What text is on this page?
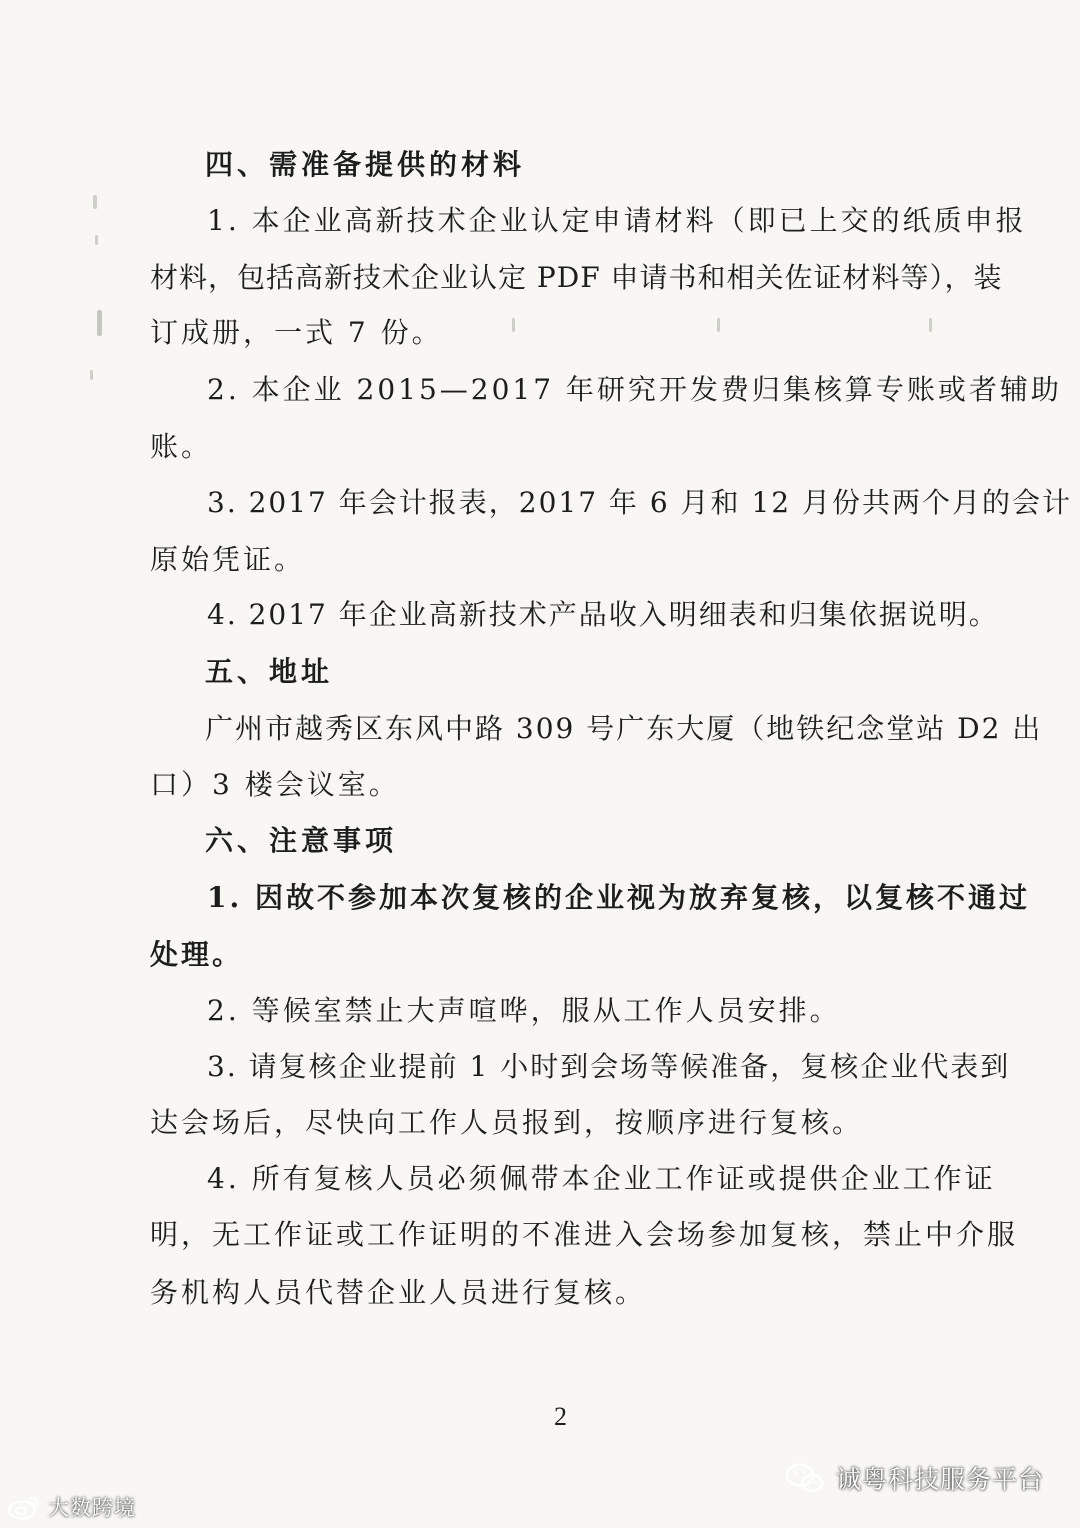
四、需准备提供的材料
1. 本企业高新技术企业认定申请材料（即已上交的纸质申报
材料，包括高新技术企业认定 PDF 申请书和相关佐证材料等），装
订成册，一式 7 份。
2. 本企业 2015—2017 年研究开发费归集核算专账或者辅助
账。
3. 2017 年会计报表，2017 年 6 月和 12 月份共两个月的会计
原始凭证。
4. 2017 年企业高新技术产品收入明细表和归集依据说明。
五、地址
广州市越秀区东风中路 309 号广东大厦（地铁纪念堂站 D2 出
口）3 楼会议室。
六、注意事项
1. 因故不参加本次复核的企业视为放弃复核，以复核不通过
处理。
2. 等候室禁止大声喧哗，服从工作人员安排。
3. 请复核企业提前 1 小时到会场等候准备，复核企业代表到
达会场后，尽快向工作人员报到，按顺序进行复核。
4. 所有复核人员必须佩带本企业工作证或提供企业工作证
明，无工作证或工作证明的不准进入会场参加复核，禁止中介服
务机构人员代替企业人员进行复核。
2
大数跨境
诚粤科技服务平台
